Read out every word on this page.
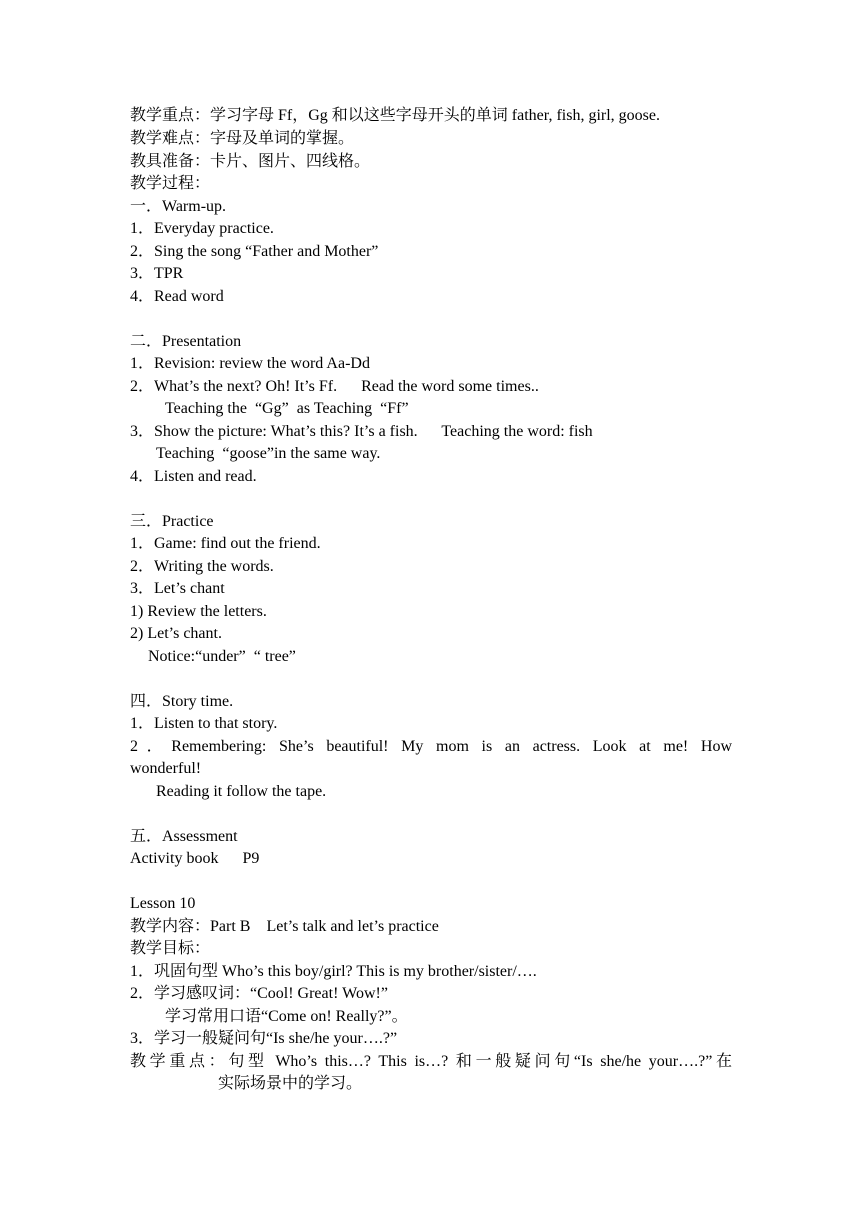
教学重点：学习字母 Ff，Gg 和以这些字母开头的单词 father, fish, girl, goose.
教学难点：字母及单词的掌握。
教具准备：卡片、图片、四线格。
教学过程：
一．Warm-up.
1．Everyday practice.
2．Sing the song “Father and Mother”
3．TPR
4．Read word
二．Presentation
1．Revision: review the word Aa-Dd
2．What’s the next? Oh! It’s Ff.      Read the word some times..
Teaching the  “Gg”  as Teaching  “Ff”
3．Show the picture: What’s this? It’s a fish.      Teaching the word: fish
Teaching  “goose”in the same way.
4．Listen and read.
三．Practice
1．Game: find out the friend.
2．Writing the words.
3．Let’s chant
1) Review the letters.
2) Let’s chant.
Notice:“under”  “ tree”
四．Story time.
1．Listen to that story.
2．Remembering: She’s beautiful! My mom is an actress. Look at me! How
wonderful!
Reading it follow the tape.
五．Assessment
Activity book      P9
Lesson 10
教学内容：Part B    Let’s talk and let’s practice
教学目标：
1．巩固句型 Who’s this boy/girl? This is my brother/sister/….
2．学习感叹词：“Cool! Great! Wow!”
学习常用口语“Come on! Really?”。
3．学习一般疑问句“Is she/he your….?”
教学重点：句型 Who’s this…? This is…? 和一般疑问句“Is she/he your….?”在
实际场景中的学习。
